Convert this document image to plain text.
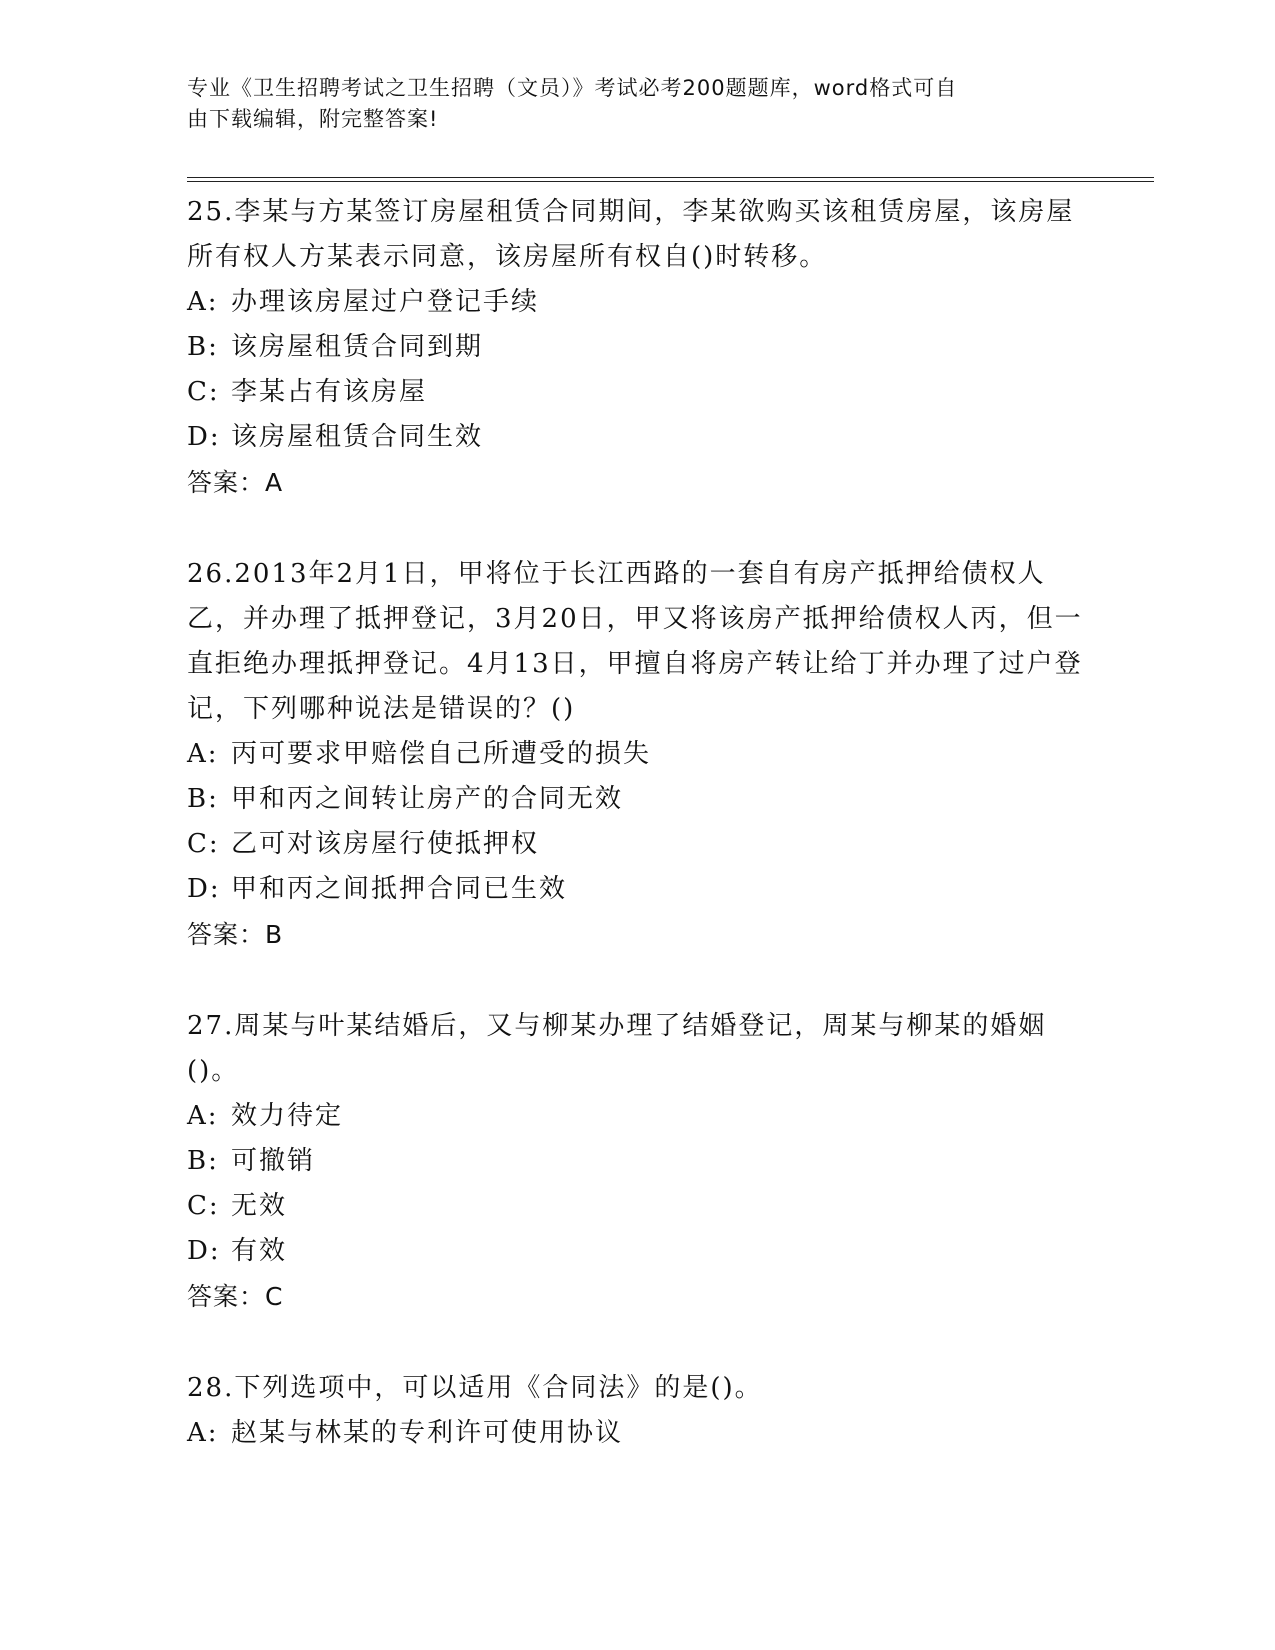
专业《卫生招聘考试之卫生招聘（文员）》考试必考200题题库，word格式可自
由下载编辑，附完整答案!
25.李某与方某签订房屋租赁合同期间，李某欲购买该租赁房屋，该房屋所有权人方某表示同意，该房屋所有权自()时转移。
A: 办理该房屋过户登记手续
B: 该房屋租赁合同到期
C: 李某占有该房屋
D: 该房屋租赁合同生效
答案：A
26.2013年2月1日，甲将位于长江西路的一套自有房产抵押给债权人乙，并办理了抵押登记，3月20日，甲又将该房产抵押给债权人丙，但一直拒绝办理抵押登记。4月13日，甲擅自将房产转让给丁并办理了过户登记，下列哪种说法是错误的？()
A: 丙可要求甲赔偿自己所遭受的损失
B: 甲和丙之间转让房产的合同无效
C: 乙可对该房屋行使抵押权
D: 甲和丙之间抵押合同已生效
答案：B
27.周某与叶某结婚后，又与柳某办理了结婚登记，周某与柳某的婚姻()。
A: 效力待定
B: 可撤销
C: 无效
D: 有效
答案：C
28.下列选项中，可以适用《合同法》的是()。
A: 赵某与林某的专利许可使用协议
